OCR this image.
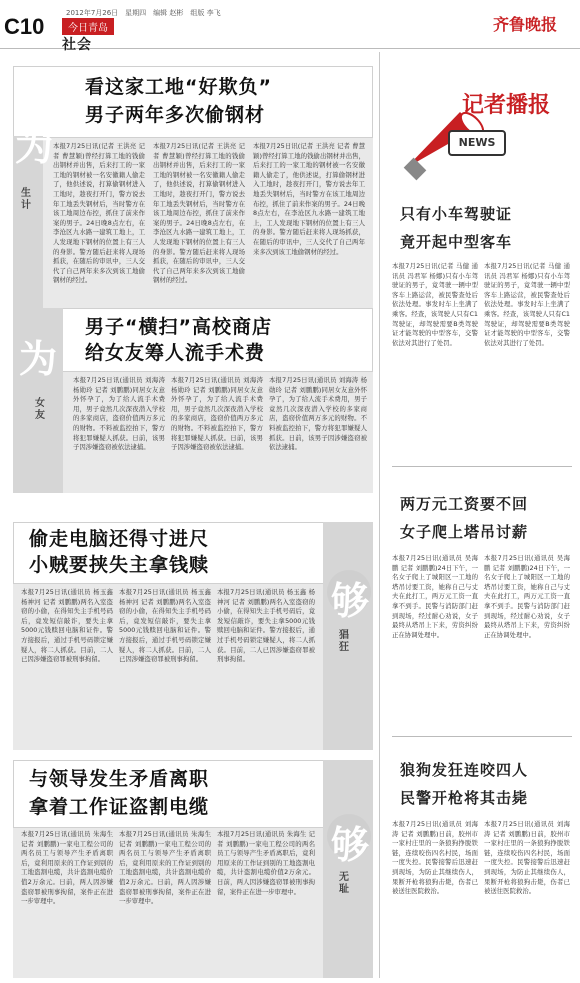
C10
2012年7月26日　星期四　编辑 赵彬　组版 李飞
今日青岛
社会
齐鲁晚报
看这家工地“好欺负”
男子两年多次偷钢材
为
生计
本报7月25日讯(记者 王洪亮 记者 曹慧颖)曾经打算工地的钱偷出钢材并出售，后来打工的一家工地的钢材被一名安徽籍人偷走了，他供述说，打算偷钢材进入工地时，趁夜打开门，警方说去年工地丢失钢材后，当时警方在该工地周边布控，抓住了前来作案的男子。24日晚8点左右，在李沧区九水路一建筑工地上，工人发现地下钢材的位置上有三人的身影。警方随后赶来将人现场抓获，在随后的审讯中，三人交代了自己两年来多次到该工地偷钢材的经过。
本报7月25日讯(记者 王洪亮 记者 曹慧颖)曾经打算工地的钱偷出钢材并出售，后来打工的一家工地的钢材被一名安徽籍人偷走了，他供述说，打算偷钢材进入工地时，趁夜打开门，警方说去年工地丢失钢材后，当时警方在该工地周边布控，抓住了前来作案的男子。24日晚8点左右，在李沧区九水路一建筑工地上，工人发现地下钢材的位置上有三人的身影。警方随后赶来将人现场抓获，在随后的审讯中，三人交代了自己两年来多次到该工地偷钢材的经过。
本报7月25日讯(记者 王洪亮 记者 曹慧颖)曾经打算工地的钱偷出钢材并出售，后来打工的一家工地的钢材被一名安徽籍人偷走了，他供述说，打算偷钢材进入工地时，趁夜打开门，警方说去年工地丢失钢材后，当时警方在该工地周边布控，抓住了前来作案的男子。24日晚8点左右，在李沧区九水路一建筑工地上，工人发现地下钢材的位置上有三人的身影。警方随后赶来将人现场抓获，在随后的审讯中，三人交代了自己两年来多次到该工地偷钢材的经过。
男子“横扫”高校商店
给女友筹人流手术费
为
女友
本报7月25日讯(通讯员 刘海涛 杨勋玲 记者 刘鹏鹏)同居女友意外怀孕了，为了给人流手术费用，男子竟然几次深夜潜入学校的多家商店，盗窃价值两万多元的财物。不料被监控拍下，警方将犯罪嫌疑人抓获。日前，该男子因涉嫌盗窃被依法逮捕。
本报7月25日讯(通讯员 刘海涛 杨勋玲 记者 刘鹏鹏)同居女友意外怀孕了，为了给人流手术费用，男子竟然几次深夜潜入学校的多家商店，盗窃价值两万多元的财物。不料被监控拍下，警方将犯罪嫌疑人抓获。日前，该男子因涉嫌盗窃被依法逮捕。
本报7月25日讯(通讯员 刘海涛 杨勋玲 记者 刘鹏鹏)同居女友意外怀孕了，为了给人流手术费用，男子竟然几次深夜潜入学校的多家商店，盗窃价值两万多元的财物。不料被监控拍下，警方将犯罪嫌疑人抓获。日前，该男子因涉嫌盗窃被依法逮捕。
偷走电脑还得寸进尺
小贼要挟失主拿钱赎
够
猖狂
本报7月25日讯(通讯员 杨玉鑫 杨神河 记者 刘鹏鹏)两名入室盗窃的小偷，在得知失主手机号码后，竟发短信敲诈，要失主拿5000元钱赎回电脑和证件。警方接报后，通过手机号码锁定嫌疑人，将二人抓获。目前，二人已因涉嫌盗窃罪被刑事拘留。
本报7月25日讯(通讯员 杨玉鑫 杨神河 记者 刘鹏鹏)两名入室盗窃的小偷，在得知失主手机号码后，竟发短信敲诈，要失主拿5000元钱赎回电脑和证件。警方接报后，通过手机号码锁定嫌疑人，将二人抓获。目前，二人已因涉嫌盗窃罪被刑事拘留。
本报7月25日讯(通讯员 杨玉鑫 杨神河 记者 刘鹏鹏)两名入室盗窃的小偷，在得知失主手机号码后，竟发短信敲诈，要失主拿5000元钱赎回电脑和证件。警方接报后，通过手机号码锁定嫌疑人，将二人抓获。目前，二人已因涉嫌盗窃罪被刑事拘留。
与领导发生矛盾离职
拿着工作证盗割电缆
够
无耻
本报7月25日讯(通讯员 朱海生 记者 刘鹏鹏)一家电工程公司的两名员工与领导产生矛盾离职后，竟利用原来的工作证到别的工地盗割电缆，共计盗割电缆价值2万余元。日前，两人因涉嫌盗窃罪被刑事拘留，案件正在进一步审理中。
本报7月25日讯(通讯员 朱海生 记者 刘鹏鹏)一家电工程公司的两名员工与领导产生矛盾离职后，竟利用原来的工作证到别的工地盗割电缆，共计盗割电缆价值2万余元。日前，两人因涉嫌盗窃罪被刑事拘留，案件正在进一步审理中。
本报7月25日讯(通讯员 朱海生 记者 刘鹏鹏)一家电工程公司的两名员工与领导产生矛盾离职后，竟利用原来的工作证到别的工地盗割电缆，共计盗割电缆价值2万余元。日前，两人因涉嫌盗窃罪被刑事拘留，案件正在进一步审理中。
记者播报
NEWS
只有小车驾驶证
竟开起中型客车
本报7月25日讯(记者 马健 通讯员 冯君军 杨娜)只有小车驾驶证的男子，竟驾驶一辆中型客车上路运营，被民警查处后依法处理。事发时车上坐满了乘客。经查，该驾驶人只有C1驾驶证，却驾驶需要B类驾驶证才能驾驶的中型客车，交警依法对其进行了处罚。
本报7月25日讯(记者 马健 通讯员 冯君军 杨娜)只有小车驾驶证的男子，竟驾驶一辆中型客车上路运营，被民警查处后依法处理。事发时车上坐满了乘客。经查，该驾驶人只有C1驾驶证，却驾驶需要B类驾驶证才能驾驶的中型客车，交警依法对其进行了处罚。
两万元工资要不回
女子爬上塔吊讨薪
本报7月25日讯(通讯员 吴海鹏 记者 刘鹏鹏)24日下午，一名女子爬上了城阳区一工地的塔吊讨要工资，她称自己与丈夫在此打工，两万元工资一直拿不到手。民警与消防部门赶到现场，经过耐心劝说，女子最终从塔吊上下来，劳资纠纷正在协调处理中。
本报7月25日讯(通讯员 吴海鹏 记者 刘鹏鹏)24日下午，一名女子爬上了城阳区一工地的塔吊讨要工资，她称自己与丈夫在此打工，两万元工资一直拿不到手。民警与消防部门赶到现场，经过耐心劝说，女子最终从塔吊上下来，劳资纠纷正在协调处理中。
狼狗发狂连咬四人
民警开枪将其击毙
本报7月25日讯(通讯员 刘海涛 记者 刘鹏鹏)日前，胶州市一家村庄里的一条狼狗挣脱铁链，连续咬伤四名村民，场面一度失控。民警接警后迅速赶到现场，为防止其继续伤人，果断开枪将狼狗击毙，伤者已被送往医院救治。
本报7月25日讯(通讯员 刘海涛 记者 刘鹏鹏)日前，胶州市一家村庄里的一条狼狗挣脱铁链，连续咬伤四名村民，场面一度失控。民警接警后迅速赶到现场，为防止其继续伤人，果断开枪将狼狗击毙，伤者已被送往医院救治。
